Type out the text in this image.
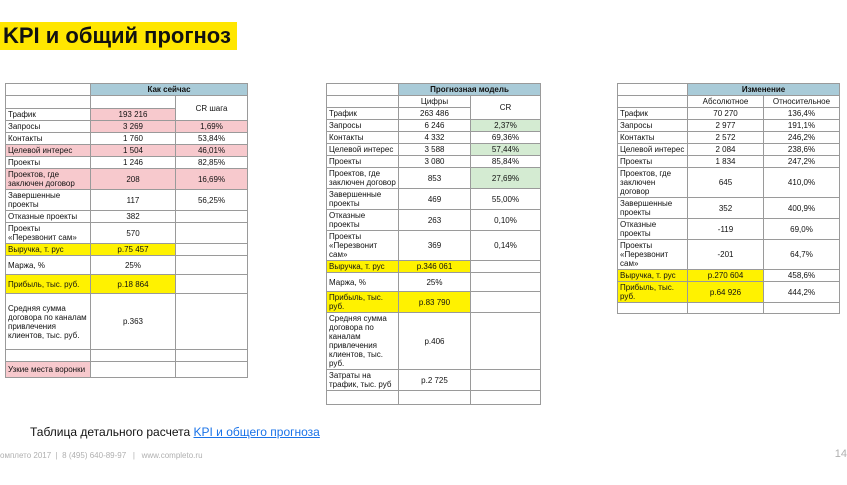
KPI и общий прогноз
	Как сейчас	
		CR шага
Трафик	193 216	
Запросы	3 269	1,69%
Контакты	1 760	53,84%
Целевой интерес	1 504	46,01%
Проекты	1 246	82,85%
Проектов, где заключен договор	208	16,69%
Завершенные проекты	117	56,25%
Отказные проекты	382	
Проекты «Перезвонит сам»	570	
Выручка, т. рус	р.75 457	
Маржа, %	25%	
Прибыль, тыс. руб.	р.18 864	
Средняя сумма договора по каналам привлечения клиентов, тыс. руб.	р.363	

Узкие места воронки		
	Прогнозная модель	
	Цифры	CR
Трафик	263 486	
Запросы	6 246	2,37%
Контакты	4 332	69,36%
Целевой интерес	3 588	57,44%
Проекты	3 080	85,84%
Проектов, где заключен договор	853	27,69%
Завершенные проекты	469	55,00%
Отказные проекты	263	0,10%
Проекты «Перезвонит сам»	369	0,14%
Выручка, т. рус	р.346 061	
Маржа, %	25%	
Прибыль, тыс. руб.	р.83 790	
Средняя сумма договора по каналам привлечения клиентов, тыс. руб.	р.406	
Затраты на трафик, тыс. руб	р.2 725	

	Изменение	
	Абсолютное	Относительное
Трафик	70 270	136,4%
Запросы	2 977	191,1%
Контакты	2 572	246,2%
Целевой интерес	2 084	238,6%
Проекты	1 834	247,2%
Проектов, где заключен договор	645	410,0%
Завершенные проекты	352	400,9%
Отказные проекты	-119	69,0%
Проекты «Перезвонит сам»	-201	64,7%
Выручка, т. рус	р.270 604	458,6%
Прибыль, тыс. руб.	р.64 926	444,2%

Таблица детального расчета KPI и общего прогноза
омплето 2017  |  8 (495) 640-89-97   |   www.completo.ru	14
